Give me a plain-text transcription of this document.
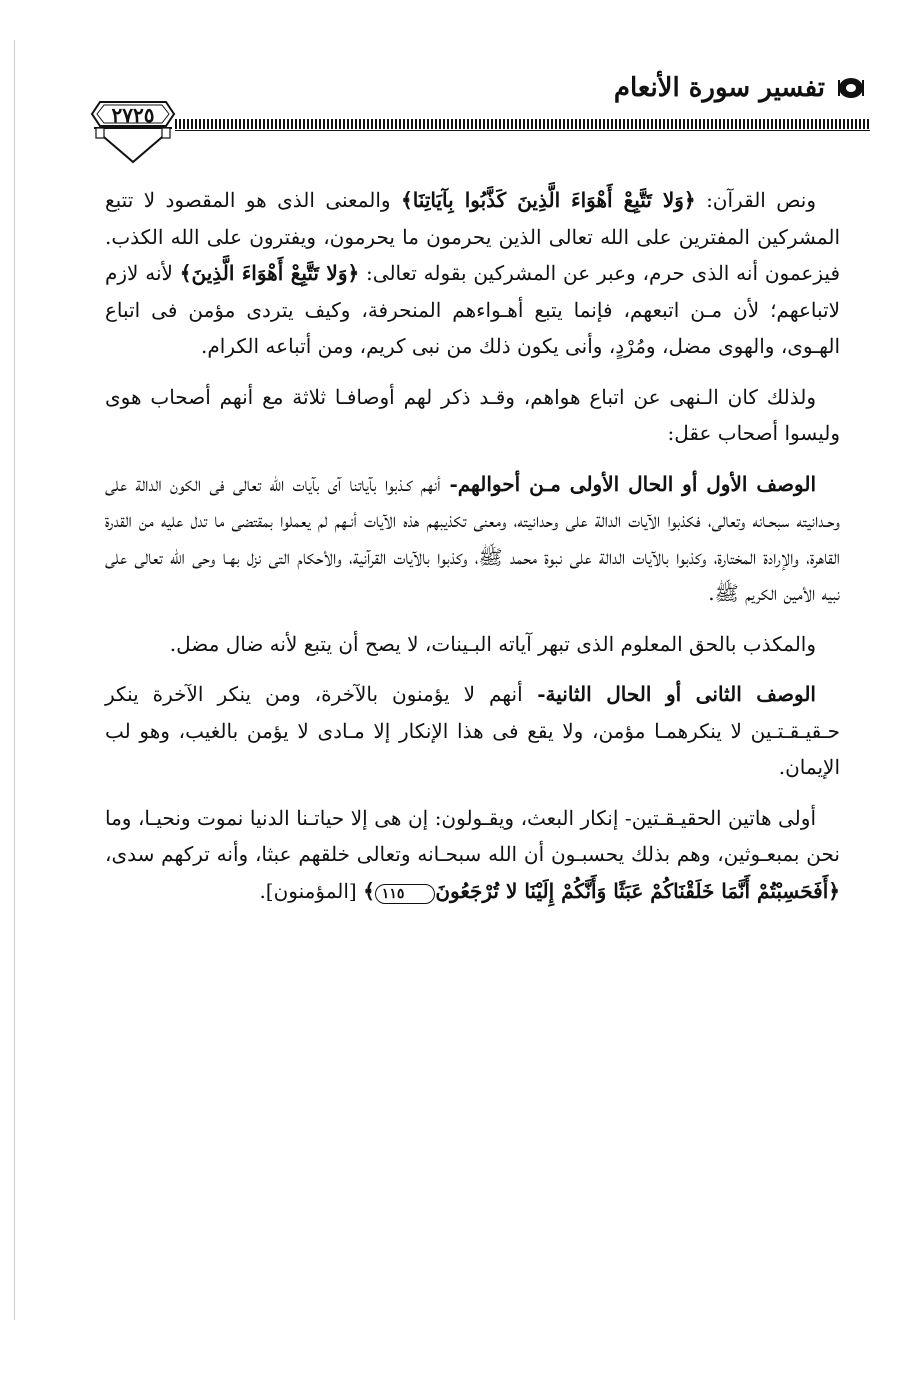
تفسير سورة الأنعام
٢٧٢٥

ونص القرآن: ﴿وَلا تَتَّبِعْ أَهْوَاءَ الَّذِينَ كَذَّبُوا بِآيَاتِنَا﴾ والمعنى الذى هو المقصود لا تتبع المشركين المفترين على الله تعالى الذين يحرمون ما يحرمون، ويفترون على الله الكذب. فيزعمون أنه الذى حرم، وعبر عن المشركين بقوله تعالى: ﴿وَلا تَتَّبِعْ أَهْوَاءَ الَّذِينَ﴾ لأنه لازم لاتباعهم؛ لأن مـن اتبعهم، فإنما يتبع أهـواءهم المنحرفة، وكيف يتردى مؤمن فى اتباع الهـوى، والهوى مضل، ومُرْدٍ، وأنى يكون ذلك من نبى كريم، ومن أتباعه الكرام.

ولذلك كان الـنهى عن اتباع هواهم، وقـد ذكر لهم أوصافـا ثلاثة مع أنهم أصحاب هوى وليسوا أصحاب عقل:

الوصف الأول أو الحال الأولى مـن أحوالهم- أنهم كـذبوا بآياتنا آى بآيات الله تعالى فى الكون الدالة على وحـدانيته سبحـانه وتعالى، فكذبوا الآيات الدالة على وحدانيته، ومعنى تكذيبهم هذه الآيات أنـهم لم يعملوا بمقتضى ما تدل عليه من القدرة القاهرة، والإرادة المختارة، وكذبوا بالآيات الدالة على نبوة محمد ﷺ، وكذبوا بالآيات القرآنية، والأحكام التى نزل بهـا وحى الله تعالى على نبيه الأمين الكريم ﷺ.

والمكذب بالحق المعلوم الذى تبهر آياته البـينات، لا يصح أن يتبع لأنه ضال مضل.

الوصف الثانى أو الحال الثانية- أنهم لا يؤمنون بالآخرة، ومن ينكر الآخرة ينكر حـقيـقـتـين لا ينكرهمـا مؤمن، ولا يقع فى هذا الإنكار إلا مـادى لا يؤمن بالغيب، وهو لب الإيمان.

أولى هاتين الحقيـقـتين- إنكار البعث، ويقـولون: إن هى إلا حياتـنا الدنيا نموت ونحيـا، وما نحن بمبعـوثين، وهم بذلك يحسبـون أن الله سبحـانه وتعالى خلقهم عبثا، وأنه تركهم سدى، ﴿أَفَحَسِبْتُمْ أَنَّمَا خَلَقْنَاكُمْ عَبَثًا وَأَنَّكُمْ إِلَيْنَا لا تُرْجَعُونَ١١٥﴾ [المؤمنون].
